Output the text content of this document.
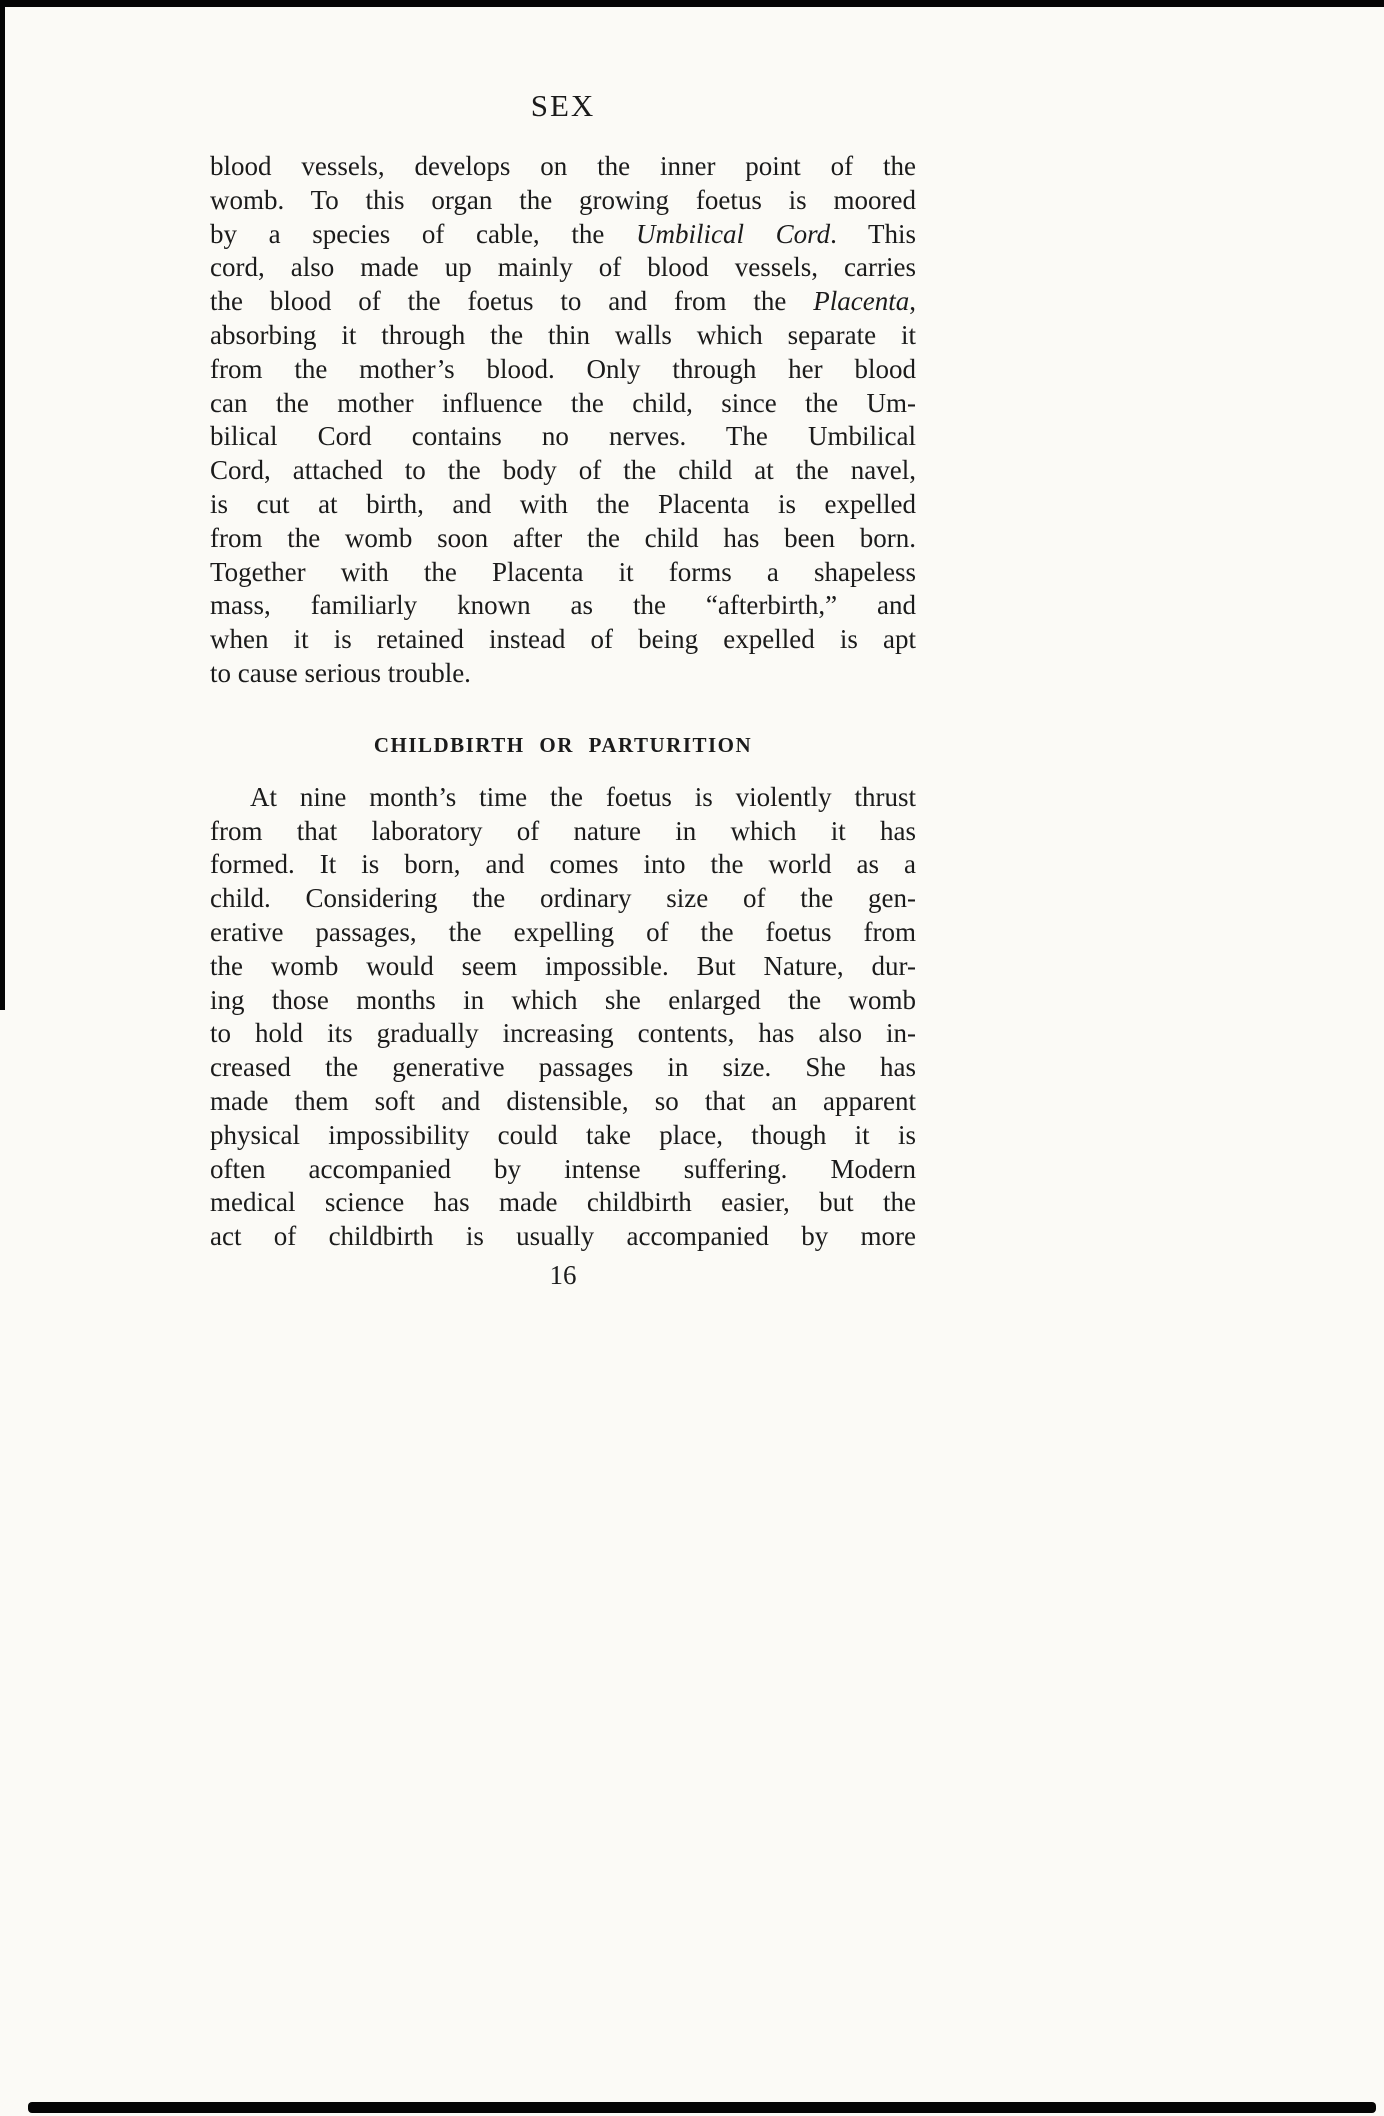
SEX
blood vessels, develops on the inner point of the
womb. To this organ the growing foetus is moored
by a species of cable, the Umbilical Cord. This
cord, also made up mainly of blood vessels, carries
the blood of the foetus to and from the Placenta,
absorbing it through the thin walls which separate it
from the mother’s blood. Only through her blood
can the mother influence the child, since the Um-
bilical Cord contains no nerves. The Umbilical
Cord, attached to the body of the child at the navel,
is cut at birth, and with the Placenta is expelled
from the womb soon after the child has been born.
Together with the Placenta it forms a shapeless
mass, familiarly known as the “afterbirth,” and
when it is retained instead of being expelled is apt
to cause serious trouble.
CHILDBIRTH OR PARTURITION
At nine month’s time the foetus is violently thrust
from that laboratory of nature in which it has
formed. It is born, and comes into the world as a
child. Considering the ordinary size of the gen-
erative passages, the expelling of the foetus from
the womb would seem impossible. But Nature, dur-
ing those months in which she enlarged the womb
to hold its gradually increasing contents, has also in-
creased the generative passages in size. She has
made them soft and distensible, so that an apparent
physical impossibility could take place, though it is
often accompanied by intense suffering. Modern
medical science has made childbirth easier, but the
act of childbirth is usually accompanied by more
16
